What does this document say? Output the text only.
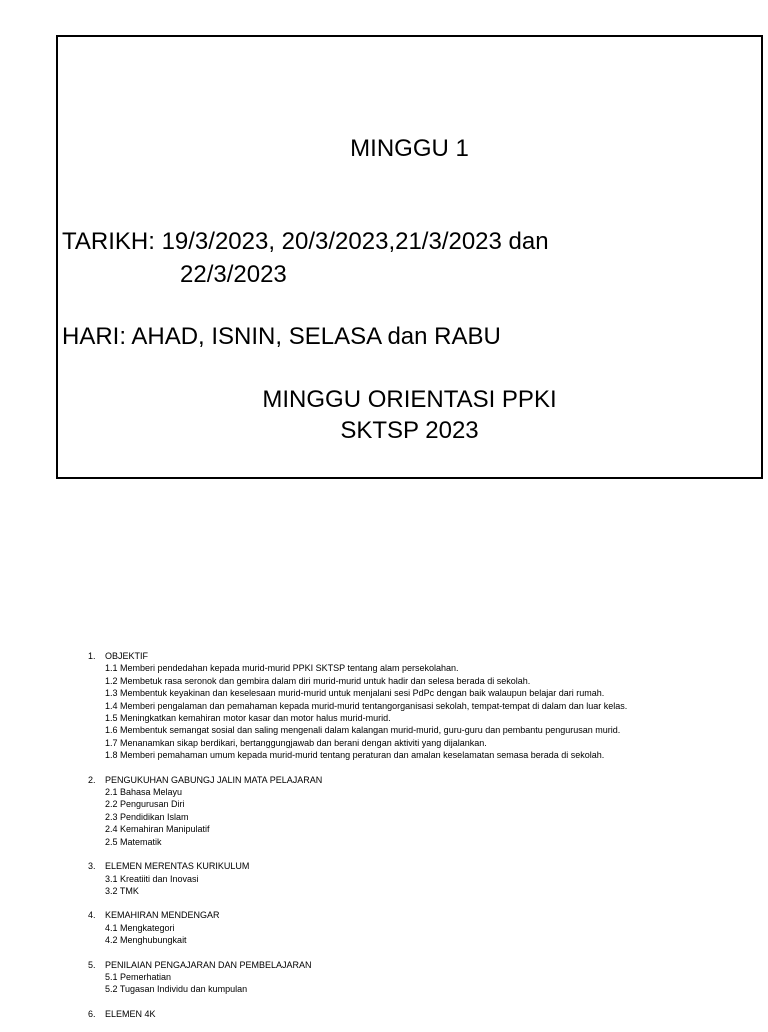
MINGGU 1
TARIKH: 19/3/2023, 20/3/2023,21/3/2023 dan
22/3/2023
HARI: AHAD, ISNIN, SELASA dan RABU
MINGGU ORIENTASI PPKI
SKTSP 2023
1.	OBJEKTIF
1.1 Memberi pendedahan kepada murid-murid PPKI SKTSP tentang alam persekolahan.
1.2 Membetuk rasa seronok dan gembira dalam diri murid-murid untuk hadir dan selesa berada di sekolah.
1.3 Membentuk keyakinan dan keselesaan murid-murid untuk menjalani sesi PdPc dengan baik walaupun belajar dari rumah.
1.4 Memberi pengalaman dan pemahaman kepada murid-murid tentangorganisasi sekolah, tempat-tempat di dalam dan luar kelas.
1.5 Meningkatkan kemahiran motor kasar dan motor halus murid-murid.
1.6 Membentuk semangat sosial dan saling mengenali dalam kalangan murid-murid, guru-guru dan pembantu pengurusan murid.
1.7 Menanamkan sikap berdikari, bertanggungjawab dan berani dengan aktiviti yang dijalankan.
1.8 Memberi pemahaman umum kepada murid-murid tentang peraturan dan amalan keselamatan semasa berada di sekolah.
2.	PENGUKUHAN GABUNGJ JALIN MATA PELAJARAN
2.1 Bahasa Melayu
2.2 Pengurusan Diri
2.3 Pendidikan Islam
2.4 Kemahiran Manipulatif
2.5 Matematik
3.	ELEMEN MERENTAS KURIKULUM
3.1 Kreatiiti dan Inovasi
3.2 TMK
4.	KEMAHIRAN MENDENGAR
4.1 Mengkategori
4.2 Menghubungkait
5.	PENILAIAN PENGAJARAN DAN PEMBELAJARAN
5.1 Pemerhatian
5.2 Tugasan Individu dan kumpulan
6.	ELEMEN 4K
